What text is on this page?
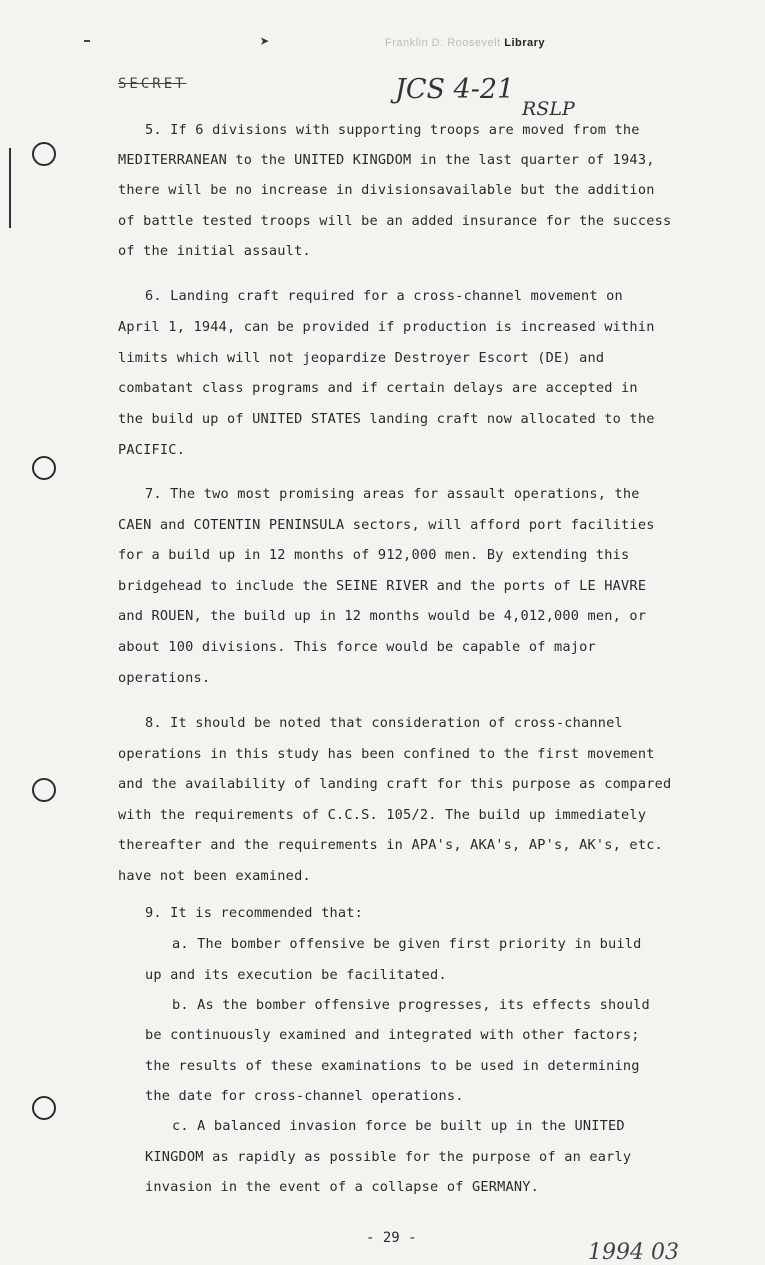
➤	Franklin D. Roosevelt Library
SECRET	JCS 4-21
RSLP
5. If 6 divisions with supporting troops are moved from the
MEDITERRANEAN to the UNITED KINGDOM in the last quarter of 1943,
there will be no increase in divisionsavailable but the addition
of battle tested troops will be an added insurance for the success
of the initial assault.
6. Landing craft required for a cross-channel movement on
April 1, 1944, can be provided if production is increased within
limits which will not jeopardize Destroyer Escort (DE) and
combatant class programs and if certain delays are accepted in
the build up of UNITED STATES landing craft now allocated to the
PACIFIC.
7. The two most promising areas for assault operations, the
CAEN and COTENTIN PENINSULA sectors, will afford port facilities
for a build up in 12 months of 912,000 men. By extending this
bridgehead to include the SEINE RIVER and the ports of LE HAVRE
and ROUEN, the build up in 12 months would be 4,012,000 men, or
about 100 divisions. This force would be capable of major
operations.
8. It should be noted that consideration of cross-channel
operations in this study has been confined to the first movement
and the availability of landing craft for this purpose as compared
with the requirements of C.C.S. 105/2. The build up immediately
thereafter and the requirements in APA's, AKA's, AP's, AK's, etc.
have not been examined.
9. It is recommended that:
a. The bomber offensive be given first priority in build
up and its execution be facilitated.
b. As the bomber offensive progresses, its effects should
be continuously examined and integrated with other factors;
the results of these examinations to be used in determining
the date for cross-channel operations.
c. A balanced invasion force be built up in the UNITED
KINGDOM as rapidly as possible for the purpose of an early
invasion in the event of a collapse of GERMANY.
- 29 -
1994 03
